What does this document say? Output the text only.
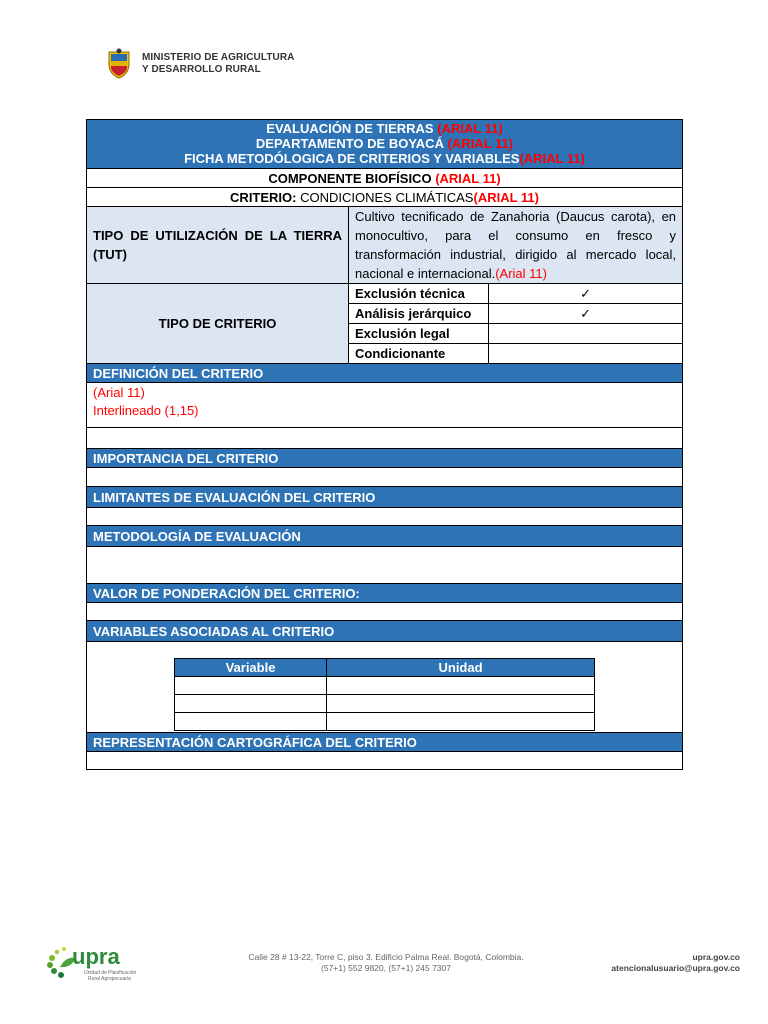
MINISTERIO DE AGRICULTURA
Y DESARROLLO RURAL
EVALUACIÓN DE TIERRAS (ARIAL 11)
DEPARTAMENTO DE BOYACÁ (ARIAL 11)
FICHA METODÓLOGICA DE CRITERIOS Y VARIABLES(ARIAL 11)

COMPONENTE BIOFÍSICO (ARIAL 11)
CRITERIO: CONDICIONES CLIMÁTICAS(ARIAL 11)
TIPO DE UTILIZACIÓN DE LA TIERRA (TUT)	Cultivo tecnificado de Zanahoria (Daucus carota), en monocultivo, para el consumo en fresco y transformación industrial, dirigido al mercado local, nacional e internacional.(Arial 11)
TIPO DE CRITERIO	Exclusión técnica	✓
Análisis jerárquico	✓
Exclusión legal	
Condicionante	
DEFINICIÓN DEL CRITERIO

(Arial 11)
Interlineado (1,15)

IMPORTANCIA DEL CRITERIO

LIMITANTES DE EVALUACIÓN DEL CRITERIO

METODOLOGÍA DE EVALUACIÓN

VALOR DE PONDERACIÓN DEL CRITERIO:

VARIABLES ASOCIADAS AL CRITERIO

Variable	Unidad

REPRESENTACIÓN CARTOGRÁFICA DEL CRITERIO

upra
Unidad de Planificación
Rural Agropecuaria
Calle 28 # 13-22, Torre C, piso 3. Edificio Palma Real. Bogotá, Colombia.
(57+1) 552 9820, (57+1) 245 7307
upra.gov.co
atencionalusuario@upra.gov.co
